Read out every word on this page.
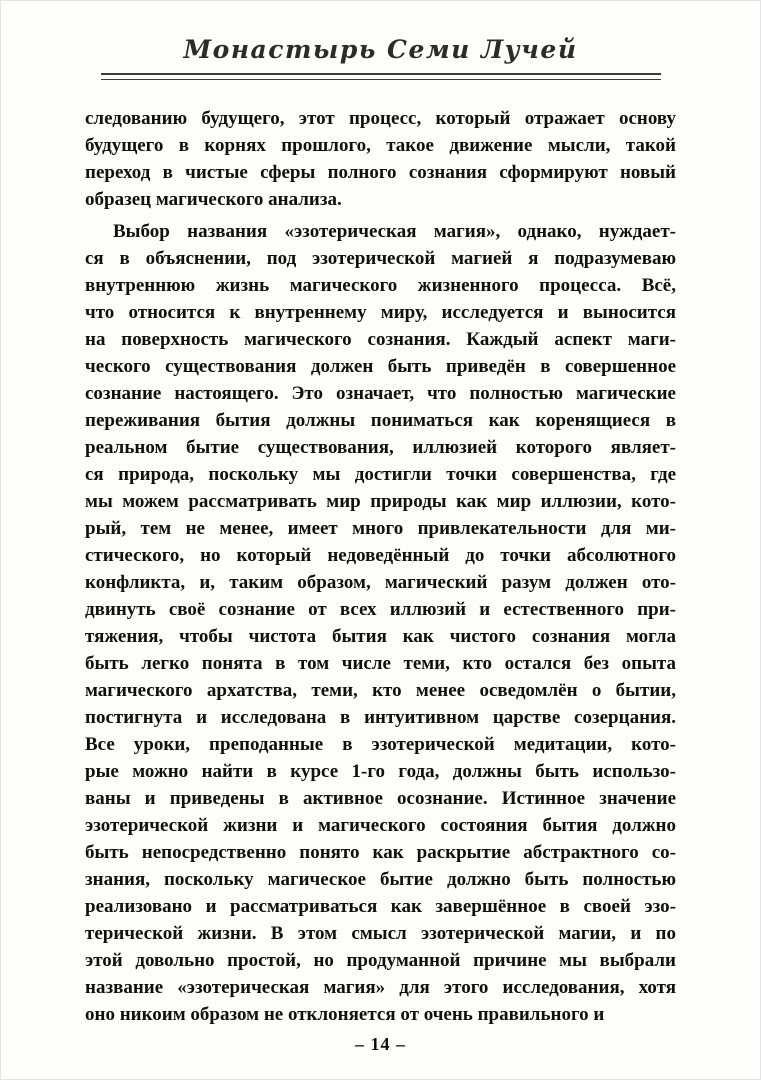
Монастырь Семи Лучей
следованию будущего, этот процесс, который отражает основу
будущего в корнях прошлого, такое движение мысли, такой
переход в чистые сферы полного сознания сформируют новый
образец магического анализа.
Выбор названия «эзотерическая магия», однако, нуждает-
ся в объяснении, под эзотерической магией я подразумеваю
внутреннюю жизнь магического жизненного процесса. Всё,
что относится к внутреннему миру, исследуется и выносится
на поверхность магического сознания. Каждый аспект маги-
ческого существования должен быть приведён в совершенное
сознание настоящего. Это означает, что полностью магические
переживания бытия должны пониматься как коренящиеся в
реальном бытие существования, иллюзией которого являет-
ся природа, поскольку мы достигли точки совершенства, где
мы можем рассматривать мир природы как мир иллюзии, кото-
рый, тем не менее, имеет много привлекательности для ми-
стического, но который недоведённый до точки абсолютного
конфликта, и, таким образом, магический разум должен ото-
двинуть своё сознание от всех иллюзий и естественного при-
тяжения, чтобы чистота бытия как чистого сознания могла
быть легко понята в том числе теми, кто остался без опыта
магического архатства, теми, кто менее осведомлён о бытии,
постигнута и исследована в интуитивном царстве созерцания.
Все уроки, преподанные в эзотерической медитации, кото-
рые можно найти в курсе 1-го года, должны быть использо-
ваны и приведены в активное осознание. Истинное значение
эзотерической жизни и магического состояния бытия должно
быть непосредственно понято как раскрытие абстрактного со-
знания, поскольку магическое бытие должно быть полностью
реализовано и рассматриваться как завершённое в своей эзо-
терической жизни. В этом смысл эзотерической магии, и по
этой довольно простой, но продуманной причине мы выбрали
название «эзотерическая магия» для этого исследования, хотя
оно никоим образом не отклоняется от очень правильного и
– 14 –
